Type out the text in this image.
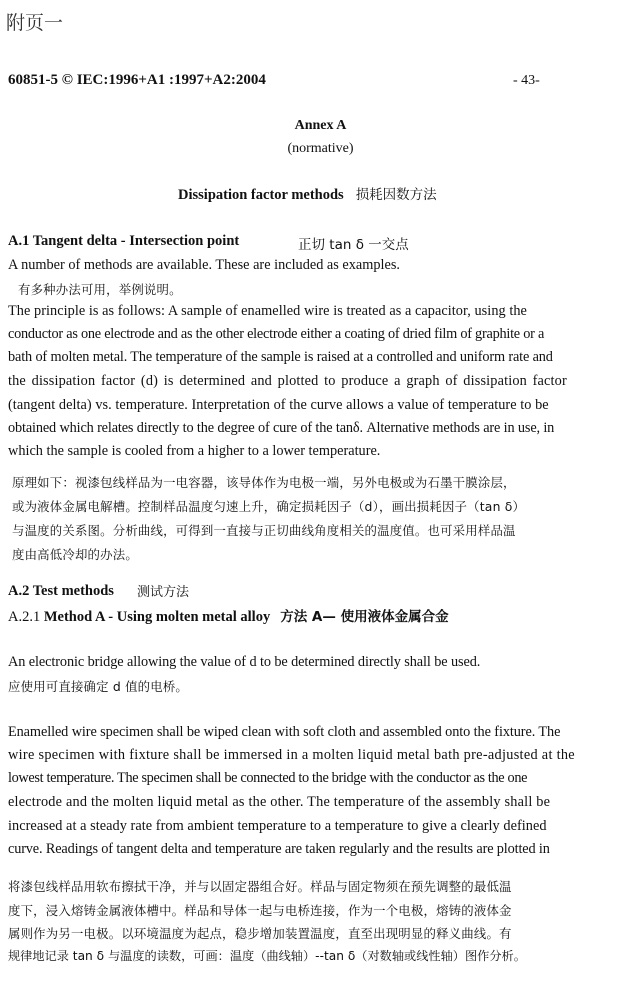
附页一
60851-5 © IEC:1996+A1 :1997+A2:2004	- 43-
Annex A
(normative)
Dissipation factor methods 损耗因数方法
A.1 Tangent delta - Intersection point	正切 tan δ 一交点
A number of methods are available. These are included as examples.
有多种办法可用，举例说明。
The principle is as follows: A sample of enamelled wire is treated as a capacitor, using the
conductor as one electrode and as the other electrode either a coating of dried film of graphite or a
bath of molten metal. The temperature of the sample is raised at a controlled and uniform rate and
the dissipation factor (d) is determined and plotted to produce a graph of dissipation factor
(tangent delta) vs. temperature. Interpretation of the curve allows a value of temperature to be
obtained which relates directly to the degree of cure of the tanδ. Alternative methods are in use, in
which the sample is cooled from a higher to a lower temperature.
原理如下：视漆包线样品为一电容器，该导体作为电极一端，另外电极或为石墨干膜涂层，
或为液体金属电解槽。控制样品温度匀速上升，确定损耗因子（d），画出损耗因子（tan δ）
与温度的关系图。分析曲线，可得到一直接与正切曲线角度相关的温度值。也可采用样品温
度由高低冷却的办法。
A.2 Test methods 测试方法
A.2.1 Method A - Using molten metal alloy 方法 A— 使用液体金属合金
An electronic bridge allowing the value of d to be determined directly shall be used.
应使用可直接确定 d 值的电桥。
Enamelled wire specimen shall be wiped clean with soft cloth and assembled onto the fixture. The
wire specimen with fixture shall be immersed in a molten liquid metal bath pre-adjusted at the
lowest temperature. The specimen shall be connected to the bridge with the conductor as the one
electrode and the molten liquid metal as the other. The temperature of the assembly shall be
increased at a steady rate from ambient temperature to a temperature to give a clearly defined
curve. Readings of tangent delta and temperature are taken regularly and the results are plotted in
将漆包线样品用软布擦拭干净，并与以固定器组合好。样品与固定物须在预先调整的最低温
度下，浸入熔铸金属液体槽中。样品和导体一起与电桥连接，作为一个电极，熔铸的液体金
属则作为另一电极。以环境温度为起点，稳步增加装置温度，直至出现明显的释义曲线。有
规律地记录 tan δ 与温度的读数，可画：温度（曲线轴）--tan δ（对数轴或线性轴）图作分析。
